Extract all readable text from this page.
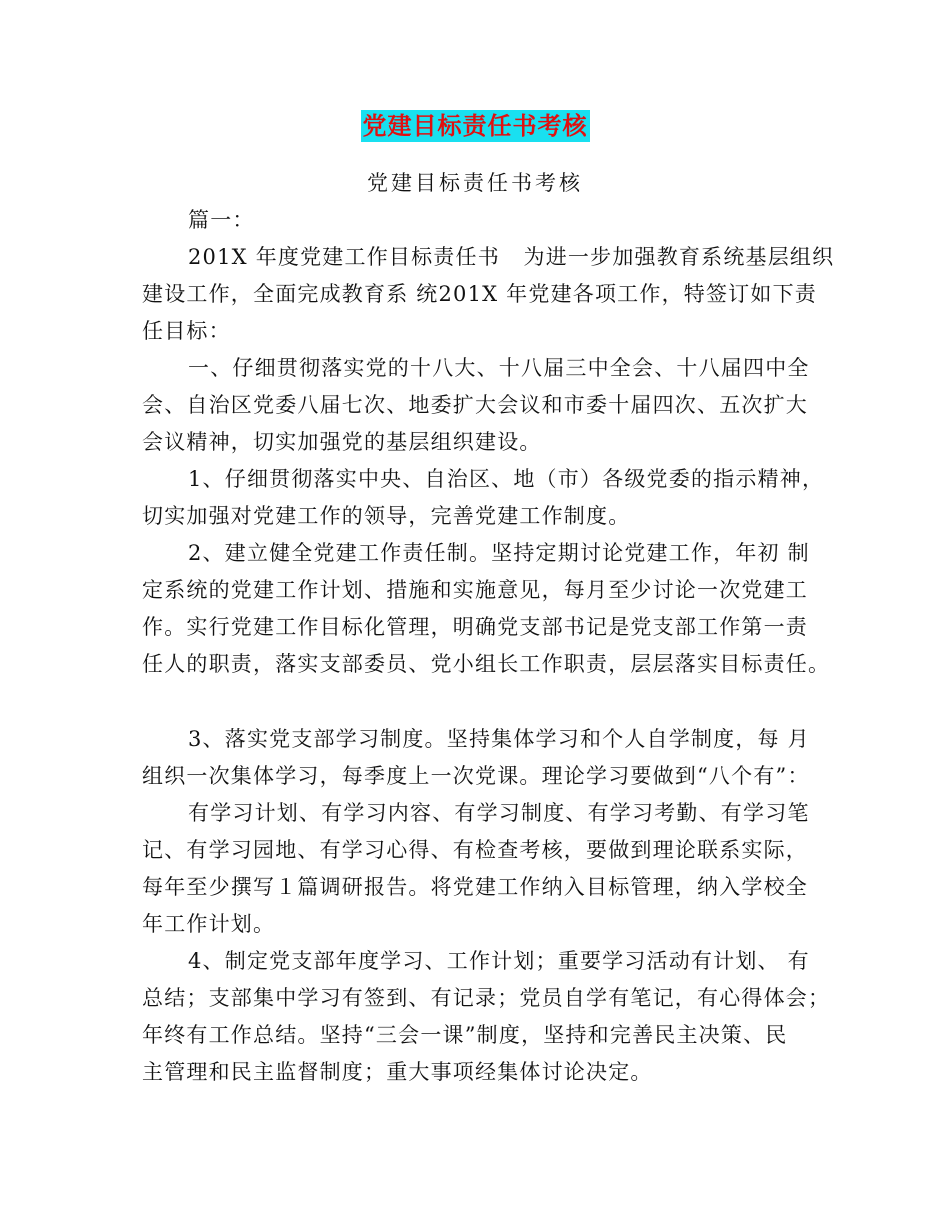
党建目标责任书考核
党建目标责任书考核
篇一：
201X 年度党建工作目标责任书   为进一步加强教育系统基层组织
建设工作，全面完成教育系 统201X 年党建各项工作，特签订如下责
任目标：
一、仔细贯彻落实党的十八大、十八届三中全会、十八届四中全
会、自治区党委八届七次、地委扩大会议和市委十届四次、五次扩大
会议精神，切实加强党的基层组织建设。
1、仔细贯彻落实中央、自治区、地（市）各级党委的指示精神，
切实加强对党建工作的领导，完善党建工作制度。
2、建立健全党建工作责任制。坚持定期讨论党建工作，年初 制
定系统的党建工作计划、措施和实施意见，每月至少讨论一次党建工
作。实行党建工作目标化管理，明确党支部书记是党支部工作第一责
任人的职责，落实支部委员、党小组长工作职责，层层落实目标责任。
3、落实党支部学习制度。坚持集体学习和个人自学制度，每 月
组织一次集体学习，每季度上一次党课。理论学习要做到“八个有”：
有学习计划、有学习内容、有学习制度、有学习考勤、有学习笔
记、有学习园地、有学习心得、有检查考核，要做到理论联系实际，
每年至少撰写１篇调研报告。将党建工作纳入目标管理，纳入学校全
年工作计划。
4、制定党支部年度学习、工作计划；重要学习活动有计划、 有
总结；支部集中学习有签到、有记录；党员自学有笔记，有心得体会；
年终有工作总结。坚持“三会一课”制度，坚持和完善民主决策、民
主管理和民主监督制度；重大事项经集体讨论决定。
